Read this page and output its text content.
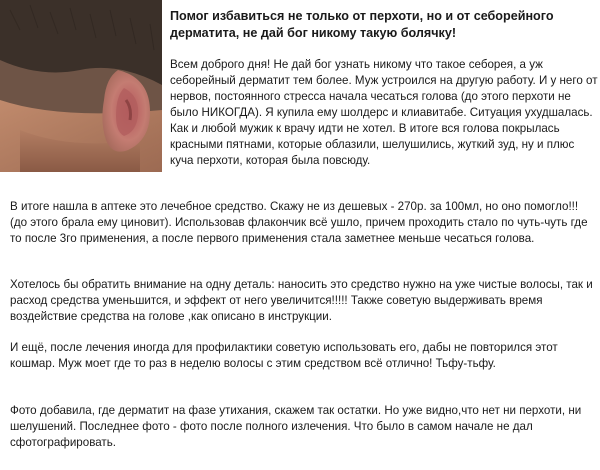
Помог избавиться не только от перхоти, но и от себорейного дерматита, не дай бог никому такую болячку!

Всем доброго дня! Не дай бог узнать никому что такое себорея, а уж себорейный дерматит тем более. Муж устроился на другую работу. И у него от нервов, постоянного стресса начала чесаться голова (до этого перхоти не было НИКОГДА). Я купила ему шолдерс и клиавитабе. Ситуация ухудшалась. Как и любой мужик к врачу идти не хотел. В итоге вся голова покрылась красными пятнами, которые облазили, шелушились, жуткий зуд, ну и плюс куча перхоти, которая была повсюду.

В итоге нашла в аптеке это лечебное средство. Скажу не из дешевых - 270р. за 100мл, но оно помогло!!! (до этого брала ему циновит). Использовав флакончик всё ушло, причем проходить стало по чуть-чуть где то после 3го применения, а после первого применения стала заметнее меньше чесаться голова.

Хотелось бы обратить внимание на одну деталь: наносить это средство нужно на уже чистые волосы, так и расход средства уменьшится, и эффект от него увеличится!!!!! Также советую выдерживать время воздействие средства на голове ,как описано в инструкции.

И ещё, после лечения иногда для профилактики советую использовать его, дабы не повторился этот кошмар. Муж моет где то раз в неделю волосы с этим средством всё отлично! Тьфу-тьфу.

Фото добавила, где дерматит на фазе утихания, скажем так остатки. Но уже видно,что нет ни перхоти, ни шелушений. Последнее фото - фото после полного излечения. Что было в самом начале не дал сфотографировать.
